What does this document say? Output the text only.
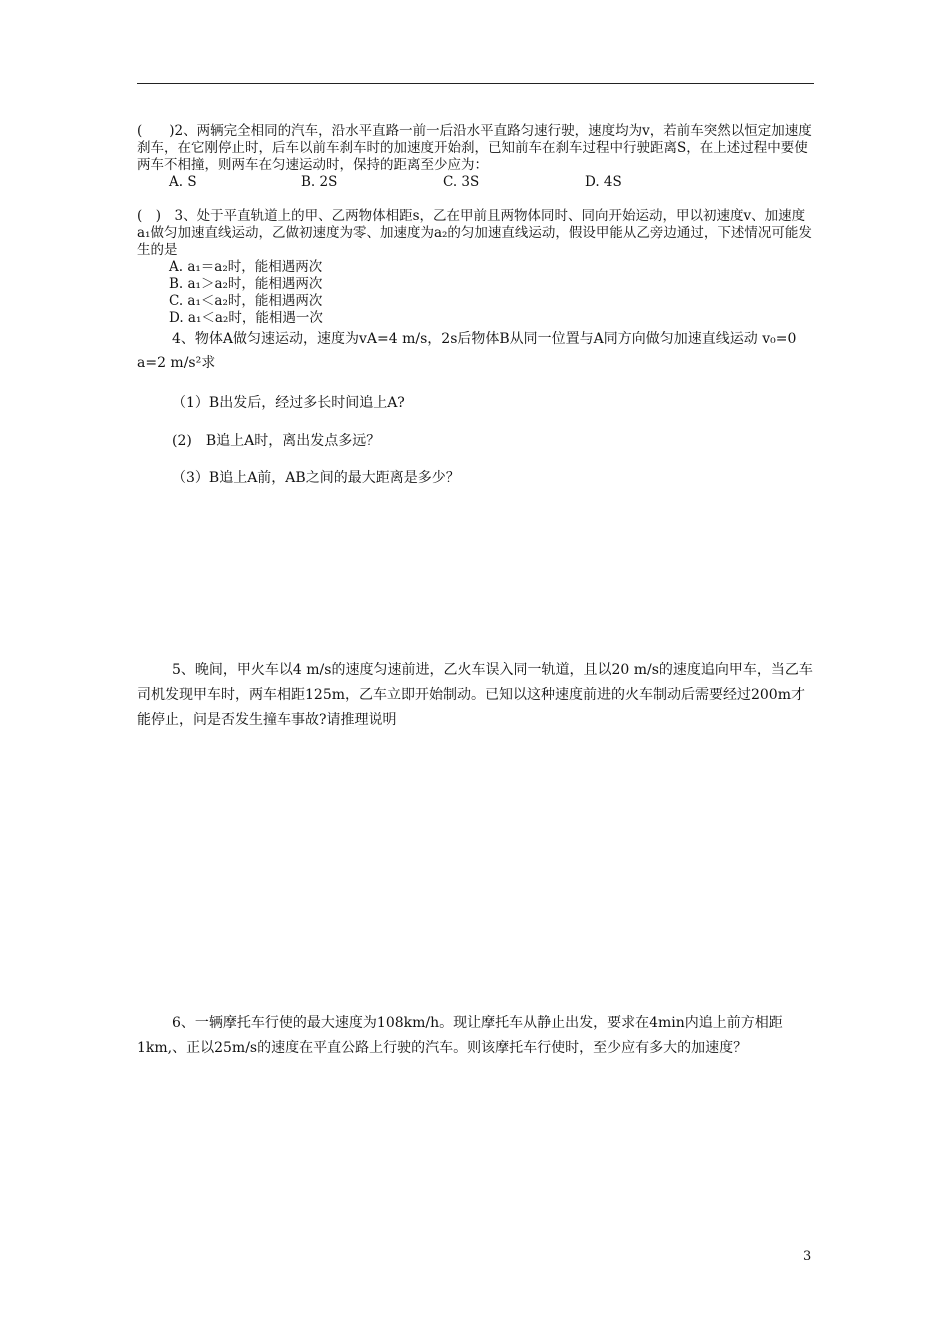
(　　)2、两辆完全相同的汽车，沿水平直路一前一后沿水平直路匀速行驶，速度均为v，若前车突然以恒定加速度刹车，在它刚停止时，后车以前车刹车时的加速度开始刹，已知前车在刹车过程中行驶距离S，在上述过程中要使两车不相撞，则两车在匀速运动时，保持的距离至少应为：
A. S	B. 2S	C. 3S	D. 4S
(　)　3、处于平直轨道上的甲、乙两物体相距s，乙在甲前且两物体同时、同向开始运动，甲以初速度v、加速度a₁做匀加速直线运动，乙做初速度为零、加速度为a₂的匀加速直线运动，假设甲能从乙旁边通过，下述情况可能发生的是
A. a₁＝a₂时，能相遇两次
B. a₁＞a₂时，能相遇两次
C. a₁＜a₂时，能相遇两次
D. a₁＜a₂时，能相遇一次
4、物体A做匀速运动，速度为vA=4 m/s，2s后物体B从同一位置与A同方向做匀加速直线运动 v₀=0　a=2 m/s²求
（1）B出发后，经过多长时间追上A?
(2)　B追上A时，离出发点多远？
（3）B追上A前，AB之间的最大距离是多少？
5、晚间，甲火车以4 m/s的速度匀速前进，乙火车误入同一轨道，且以20 m/s的速度追向甲车，当乙车司机发现甲车时，两车相距125m，乙车立即开始制动。已知以这种速度前进的火车制动后需要经过200m才能停止，问是否发生撞车事故?请推理说明
6、一辆摩托车行使的最大速度为108km/h。现让摩托车从静止出发，要求在4min内追上前方相距1km,、正以25m/s的速度在平直公路上行驶的汽车。则该摩托车行使时，至少应有多大的加速度？
3
